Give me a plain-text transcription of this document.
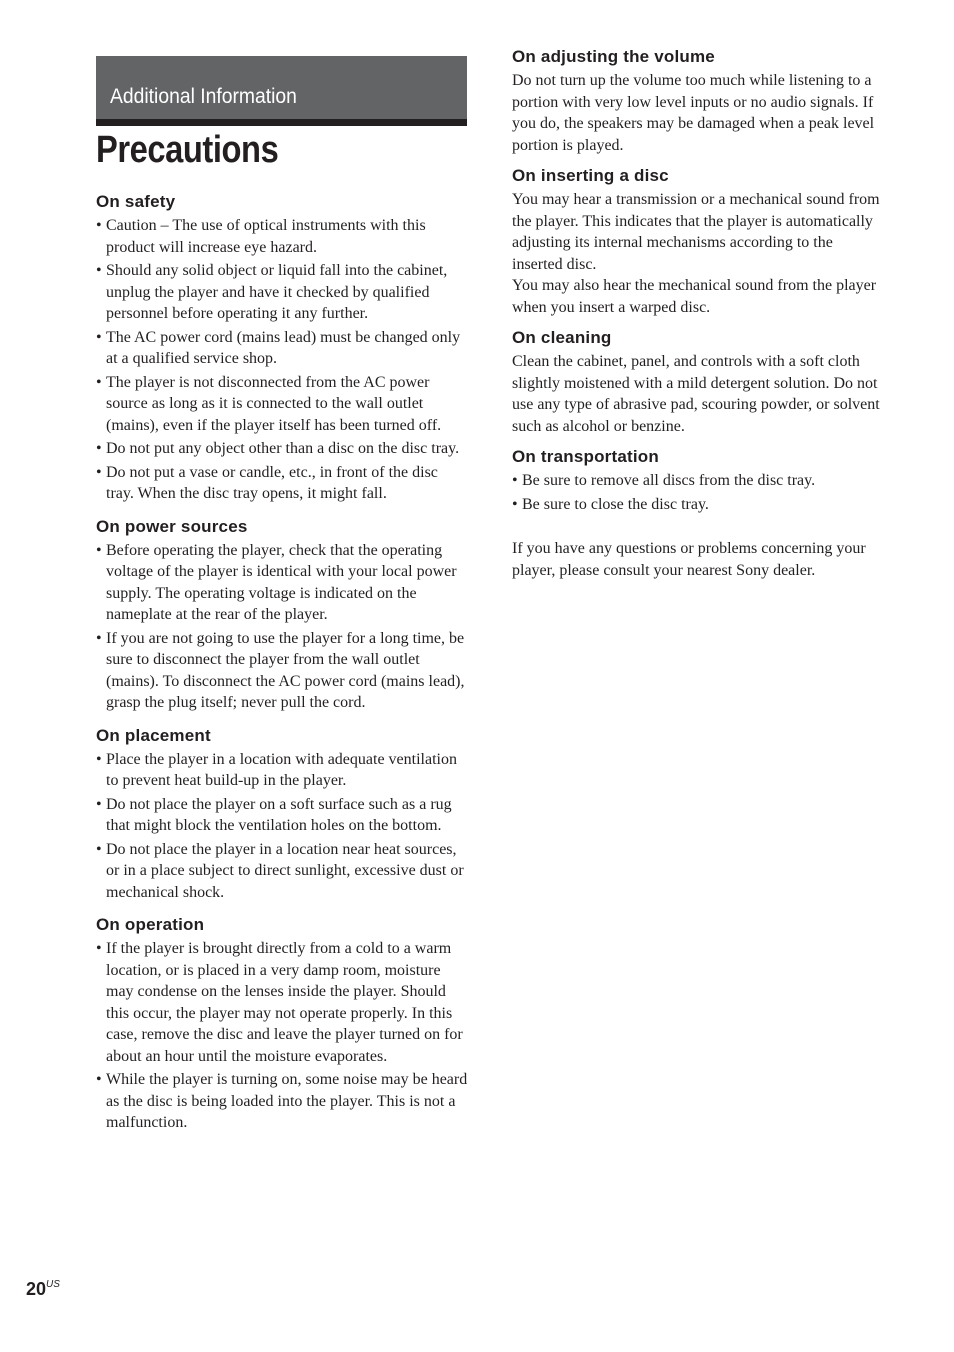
Additional Information
Precautions
On safety
• Caution – The use of optical instruments with this product will increase eye hazard.
• Should any solid object or liquid fall into the cabinet, unplug the player and have it checked by qualified personnel before operating it any further.
• The AC power cord (mains lead) must be changed only at a qualified service shop.
• The player is not disconnected from the AC power source as long as it is connected to the wall outlet (mains), even if the player itself has been turned off.
• Do not put any object other than a disc on the disc tray.
• Do not put a vase or candle, etc., in front of the disc tray. When the disc tray opens, it might fall.
On power sources
• Before operating the player, check that the operating voltage of the player is identical with your local power supply. The operating voltage is indicated on the nameplate at the rear of the player.
• If you are not going to use the player for a long time, be sure to disconnect the player from the wall outlet (mains). To disconnect the AC power cord (mains lead), grasp the plug itself; never pull the cord.
On placement
• Place the player in a location with adequate ventilation to prevent heat build-up in the player.
• Do not place the player on a soft surface such as a rug that might block the ventilation holes on the bottom.
• Do not place the player in a location near heat sources, or in a place subject to direct sunlight, excessive dust or mechanical shock.
On operation
• If the player is brought directly from a cold to a warm location, or is placed in a very damp room, moisture may condense on the lenses inside the player. Should this occur, the player may not operate properly. In this case, remove the disc and leave the player turned on for about an hour until the moisture evaporates.
• While the player is turning on, some noise may be heard as the disc is being loaded into the player. This is not a malfunction.
On adjusting the volume

Do not turn up the volume too much while listening to a portion with very low level inputs or no audio signals. If you do, the speakers may be damaged when a peak level portion is played.

On inserting a disc

You may hear a transmission or a mechanical sound from the player. This indicates that the player is automatically adjusting its internal mechanisms according to the inserted disc.

You may also hear the mechanical sound from the player when you insert a warped disc.

On cleaning

Clean the cabinet, panel, and controls with a soft cloth slightly moistened with a mild detergent solution. Do not use any type of abrasive pad, scouring powder, or solvent such as alcohol or benzine.

On transportation
• Be sure to remove all discs from the disc tray.
• Be sure to close the disc tray.

If you have any questions or problems concerning your player, please consult your nearest Sony dealer.

$20^{US}$
